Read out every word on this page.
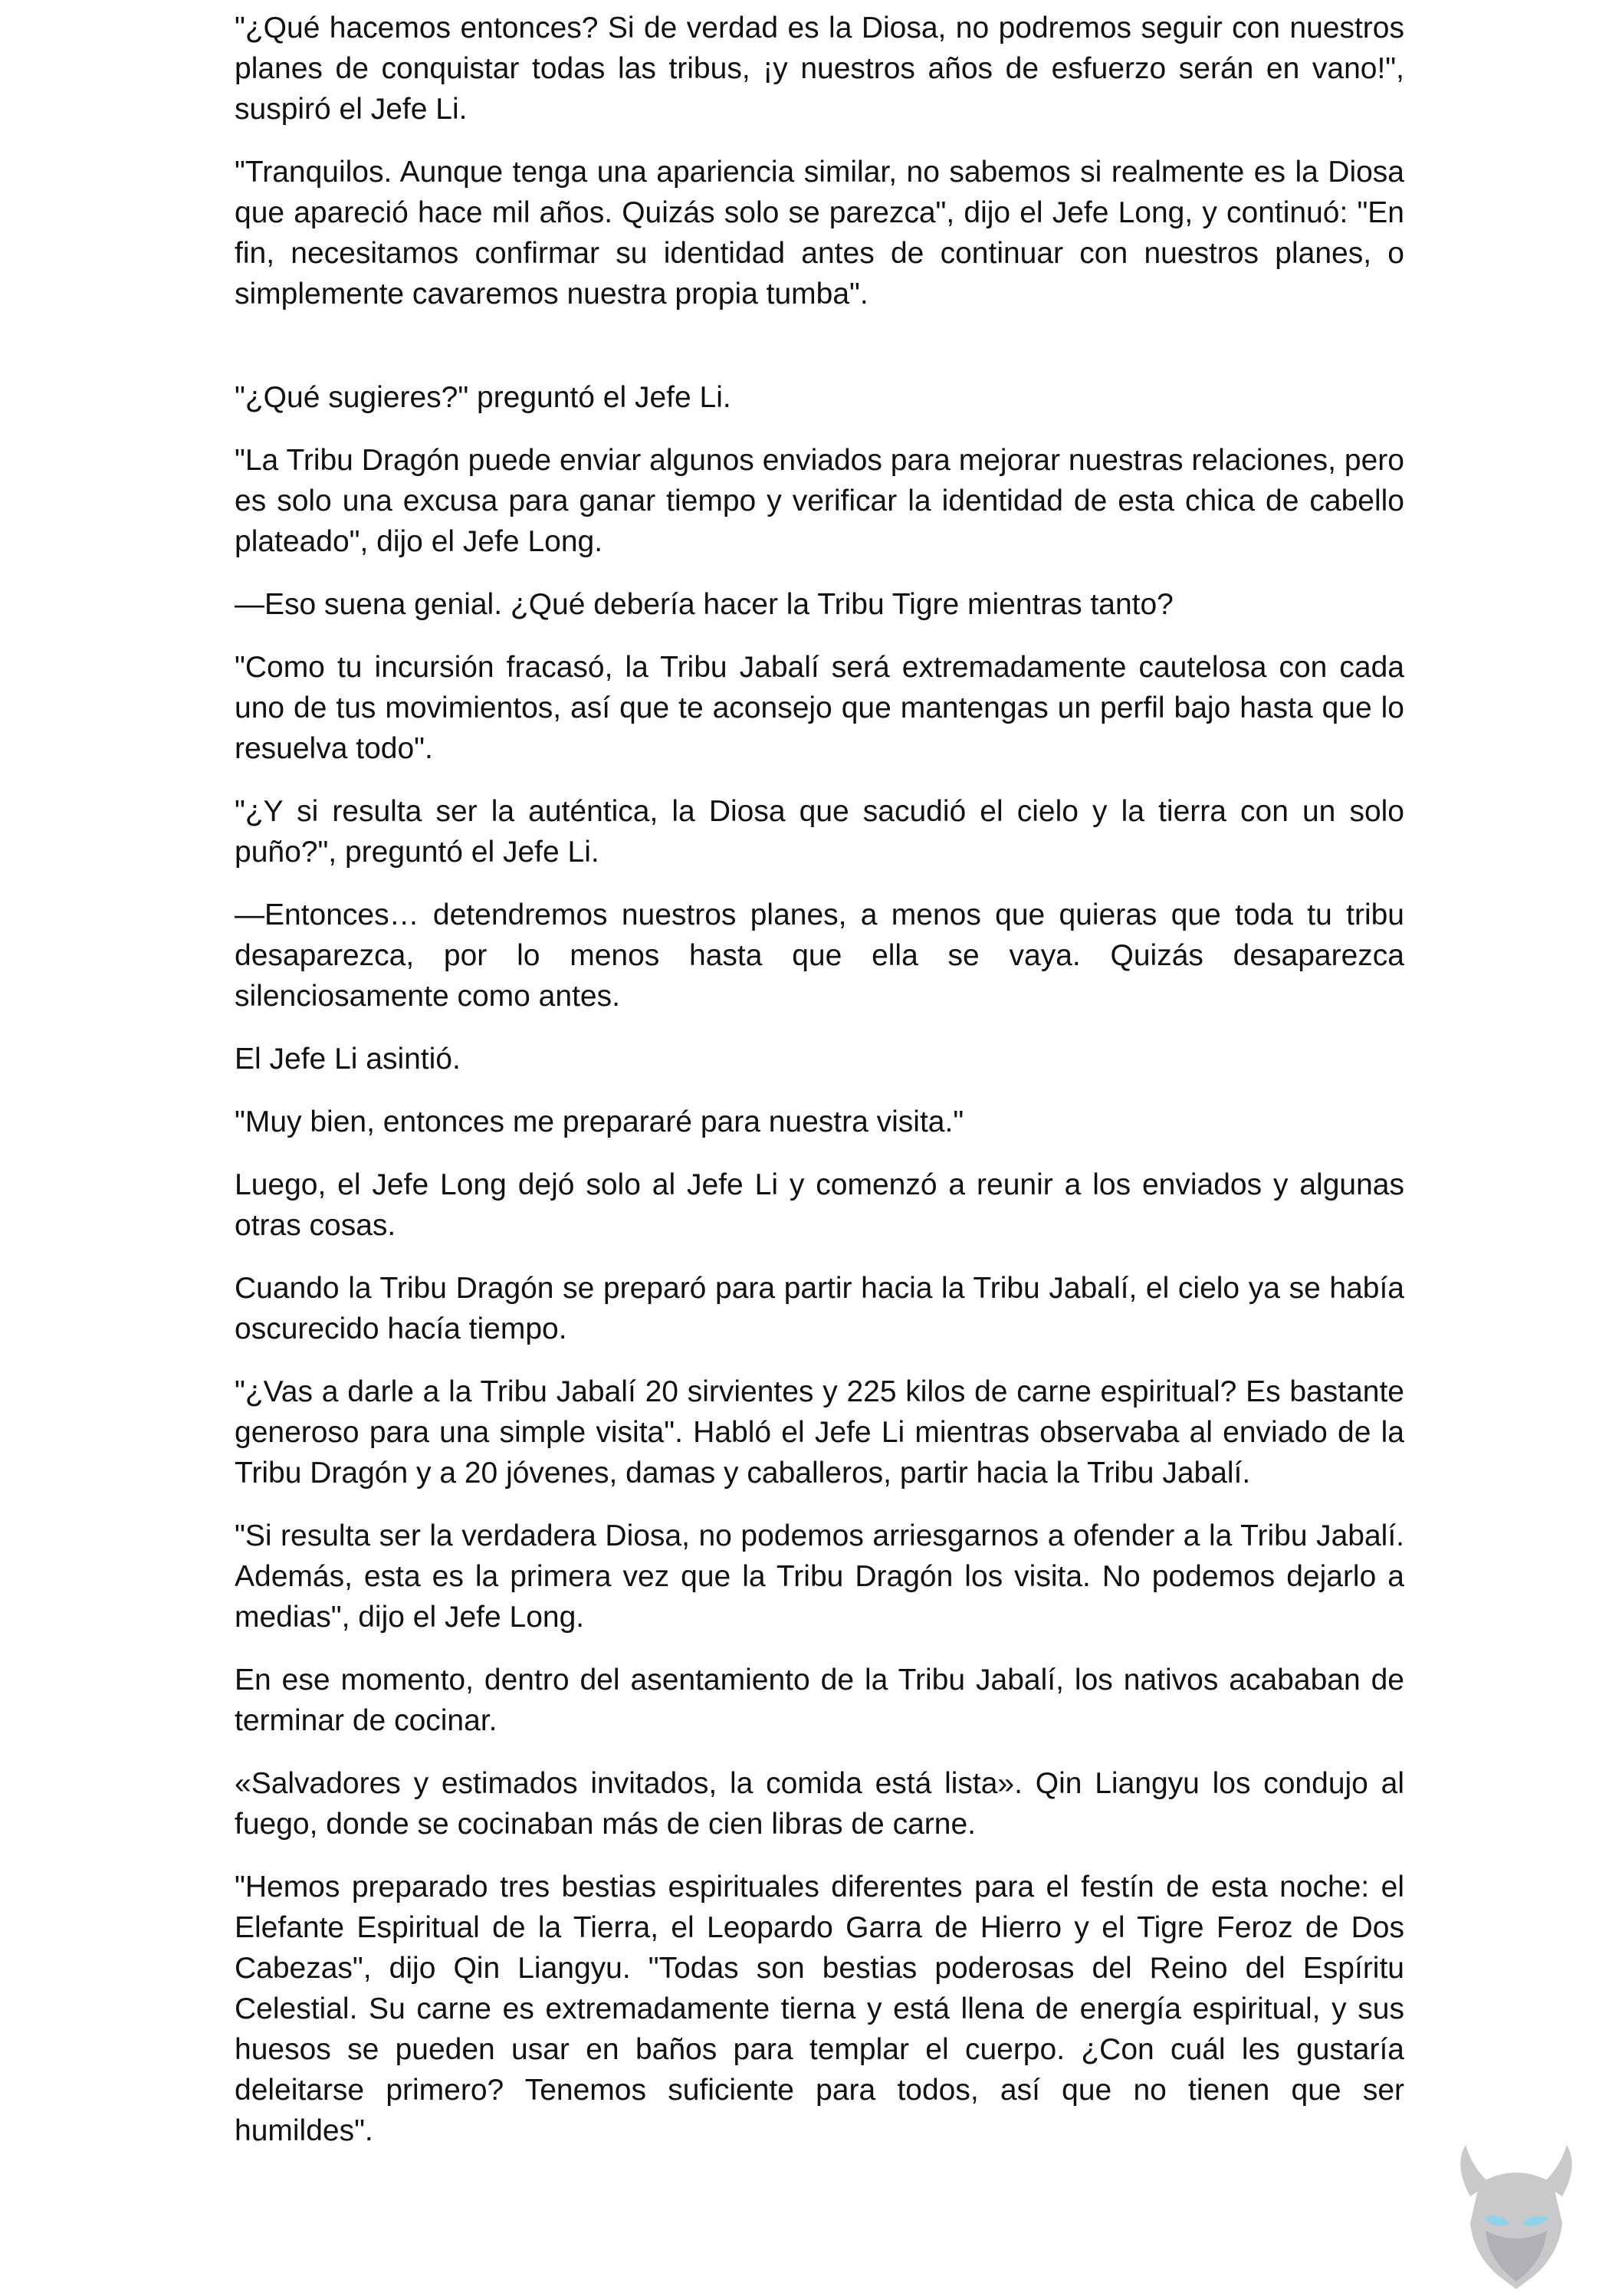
"¿Qué hacemos entonces? Si de verdad es la Diosa, no podremos seguir con nuestros planes de conquistar todas las tribus, ¡y nuestros años de esfuerzo serán en vano!", suspiró el Jefe Li.

"Tranquilos. Aunque tenga una apariencia similar, no sabemos si realmente es la Diosa que apareció hace mil años. Quizás solo se parezca", dijo el Jefe Long, y continuó: "En fin, necesitamos confirmar su identidad antes de continuar con nuestros planes, o simplemente cavaremos nuestra propia tumba".

"¿Qué sugieres?" preguntó el Jefe Li.

"La Tribu Dragón puede enviar algunos enviados para mejorar nuestras relaciones, pero es solo una excusa para ganar tiempo y verificar la identidad de esta chica de cabello plateado", dijo el Jefe Long.

—Eso suena genial. ¿Qué debería hacer la Tribu Tigre mientras tanto?

"Como tu incursión fracasó, la Tribu Jabalí será extremadamente cautelosa con cada uno de tus movimientos, así que te aconsejo que mantengas un perfil bajo hasta que lo resuelva todo".

"¿Y si resulta ser la auténtica, la Diosa que sacudió el cielo y la tierra con un solo puño?", preguntó el Jefe Li.

—Entonces… detendremos nuestros planes, a menos que quieras que toda tu tribu desaparezca, por lo menos hasta que ella se vaya. Quizás desaparezca silenciosamente como antes.

El Jefe Li asintió.

"Muy bien, entonces me prepararé para nuestra visita."

Luego, el Jefe Long dejó solo al Jefe Li y comenzó a reunir a los enviados y algunas otras cosas.

Cuando la Tribu Dragón se preparó para partir hacia la Tribu Jabalí, el cielo ya se había oscurecido hacía tiempo.

"¿Vas a darle a la Tribu Jabalí 20 sirvientes y 225 kilos de carne espiritual? Es bastante generoso para una simple visita". Habló el Jefe Li mientras observaba al enviado de la Tribu Dragón y a 20 jóvenes, damas y caballeros, partir hacia la Tribu Jabalí.

"Si resulta ser la verdadera Diosa, no podemos arriesgarnos a ofender a la Tribu Jabalí. Además, esta es la primera vez que la Tribu Dragón los visita. No podemos dejarlo a medias", dijo el Jefe Long.

En ese momento, dentro del asentamiento de la Tribu Jabalí, los nativos acababan de terminar de cocinar.

«Salvadores y estimados invitados, la comida está lista». Qin Liangyu los condujo al fuego, donde se cocinaban más de cien libras de carne.

"Hemos preparado tres bestias espirituales diferentes para el festín de esta noche: el Elefante Espiritual de la Tierra, el Leopardo Garra de Hierro y el Tigre Feroz de Dos Cabezas", dijo Qin Liangyu. "Todas son bestias poderosas del Reino del Espíritu Celestial. Su carne es extremadamente tierna y está llena de energía espiritual, y sus huesos se pueden usar en baños para templar el cuerpo. ¿Con cuál les gustaría deleitarse primero? Tenemos suficiente para todos, así que no tienen que ser humildes".
